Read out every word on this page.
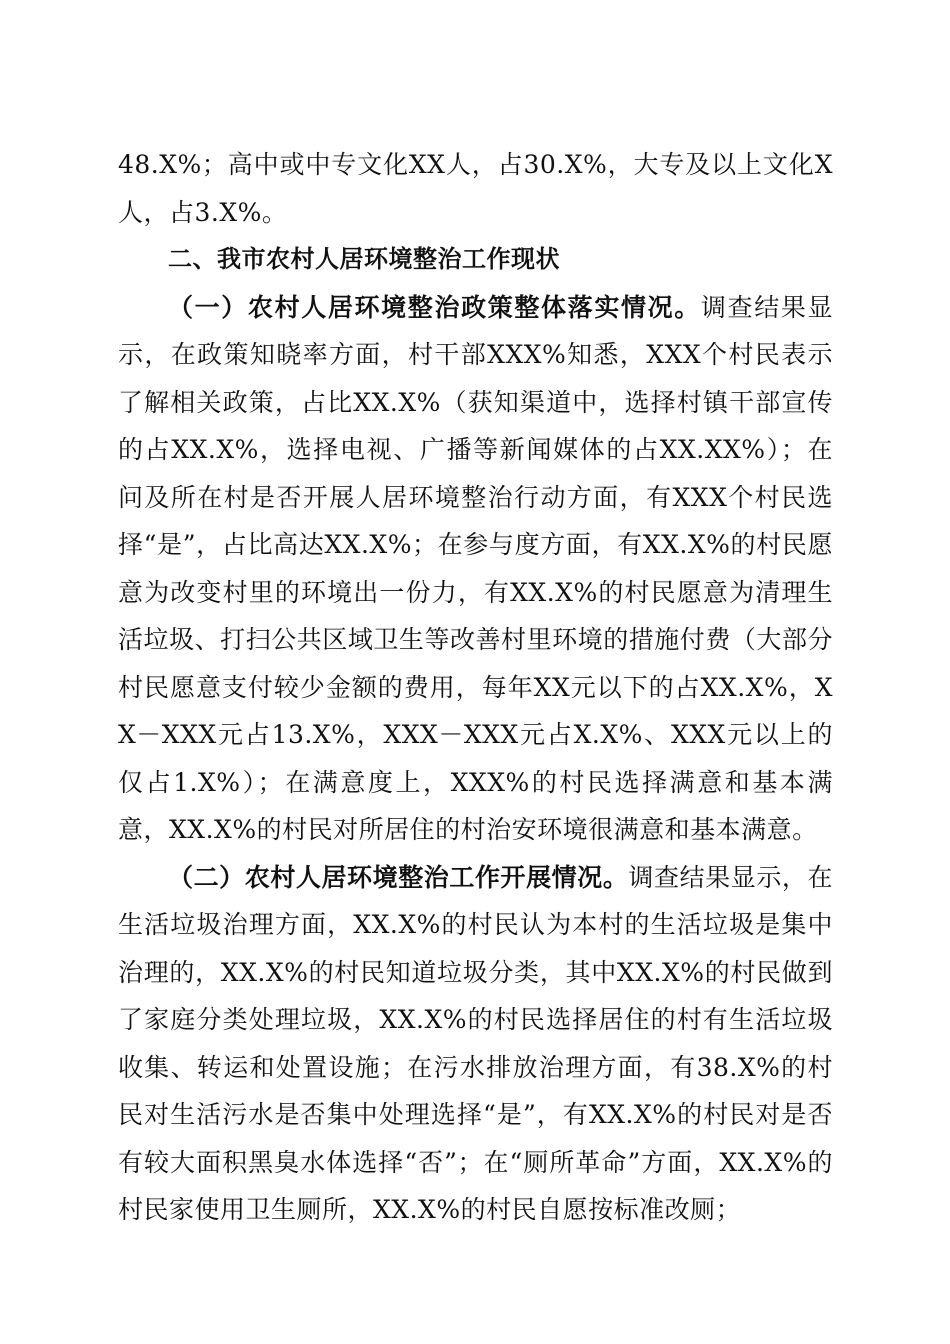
48.X%；高中或中专文化XX人，占30.X%，大专及以上文化X人，占3.X%。

二、我市农村人居环境整治工作现状

（一）农村人居环境整治政策整体落实情况。调查结果显示，在政策知晓率方面，村干部XXX%知悉，XXX个村民表示了解相关政策，占比XX.X%（获知渠道中，选择村镇干部宣传的占XX.X%，选择电视、广播等新闻媒体的占XX.XX%）；在问及所在村是否开展人居环境整治行动方面，有XXX个村民选择“是”，占比高达XX.X%；在参与度方面，有XX.X%的村民愿意为改变村里的环境出一份力，有XX.X%的村民愿意为清理生活垃圾、打扫公共区域卫生等改善村里环境的措施付费（大部分村民愿意支付较少金额的费用，每年XX元以下的占XX.X%，XX－XXX元占13.X%，XXX－XXX元占X.X%、XXX元以上的仅占1.X%）；在满意度上，XXX%的村民选择满意和基本满意，XX.X%的村民对所居住的村治安环境很满意和基本满意。

（二）农村人居环境整治工作开展情况。调查结果显示，在生活垃圾治理方面，XX.X%的村民认为本村的生活垃圾是集中治理的，XX.X%的村民知道垃圾分类，其中XX.X%的村民做到了家庭分类处理垃圾，XX.X%的村民选择居住的村有生活垃圾收集、转运和处置设施；在污水排放治理方面，有38.X%的村民对生活污水是否集中处理选择“是”，有XX.X%的村民对是否有较大面积黑臭水体选择“否”；在“厕所革命”方面，XX.X%的村民家使用卫生厕所，XX.X%的村民自愿按标准改厕；
